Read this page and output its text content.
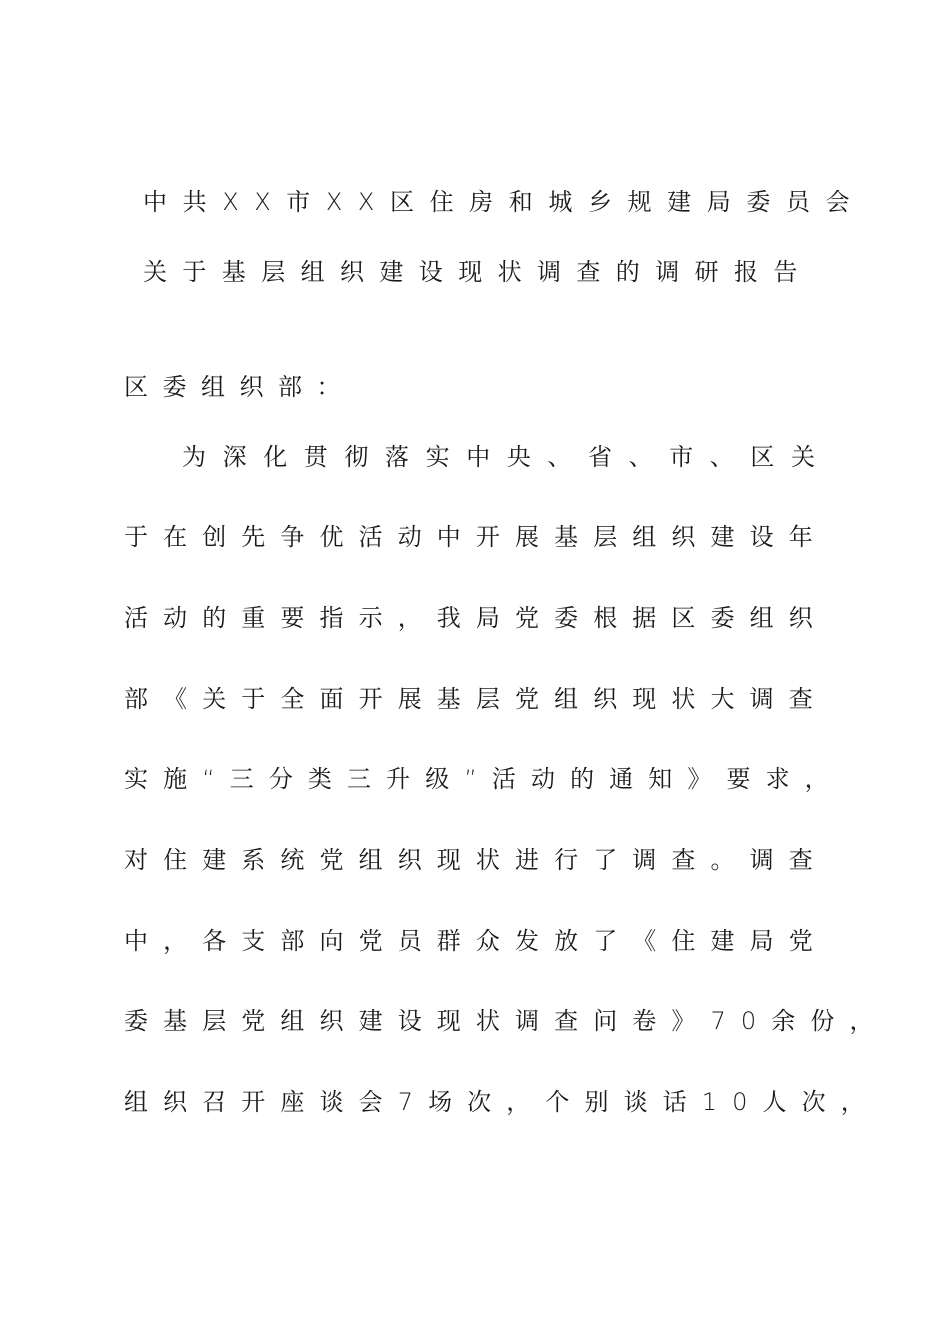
中共XX市XX区住房和城乡规建局委员会

关于基层组织建设现状调查的调研报告

区委组织部：

为深化贯彻落实中央、省、市、区关

于在创先争优活动中开展基层组织建设年

活动的重要指示，我局党委根据区委组织

部《关于全面开展基层党组织现状大调查

实施“三分类三升级”活动的通知》要求，

对住建系统党组织现状进行了调查。调查

中，各支部向党员群众发放了《住建局党

委基层党组织建设现状调查问卷》70余份，

组织召开座谈会7场次，个别谈话10人次，
